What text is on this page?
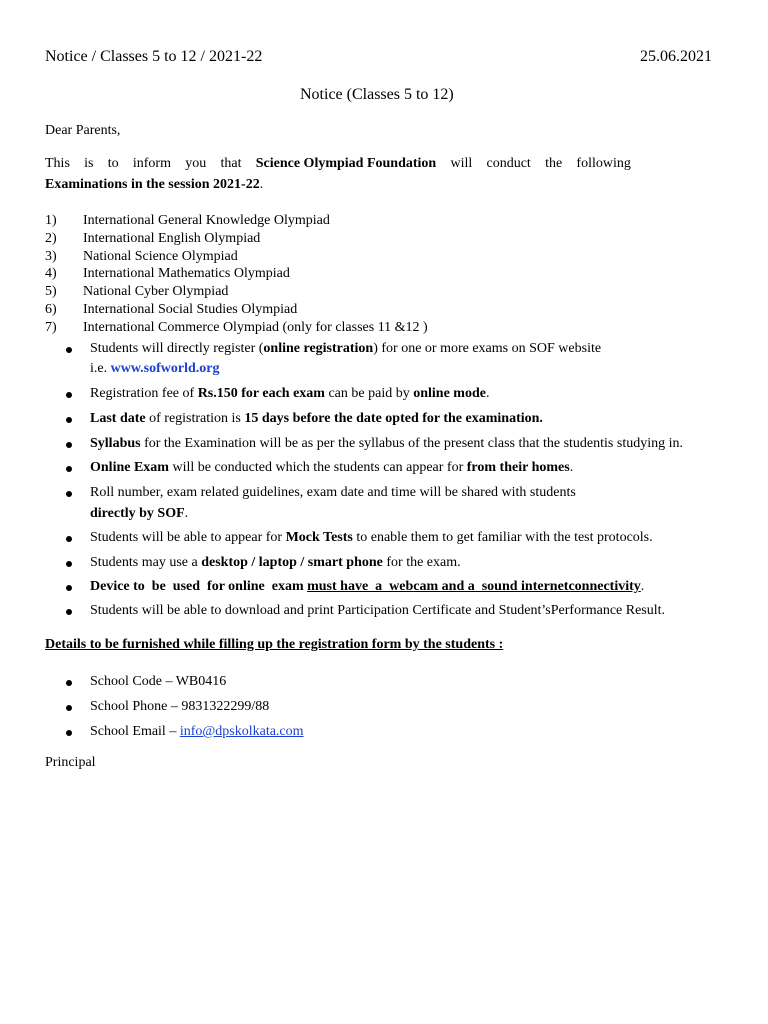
Notice / Classes 5 to 12 / 2021-22	25.06.2021
Notice (Classes 5 to 12)
Dear Parents,
This is to inform you that Science Olympiad Foundation will conduct the following
Examinations in the session 2021-22.
1) International General Knowledge Olympiad
2) International English Olympiad
3) National Science Olympiad
4) International Mathematics Olympiad
5) National Cyber Olympiad
6) International Social Studies Olympiad
7) International Commerce Olympiad (only for classes 11 &12 )
Students will directly register (online registration) for one or more exams on SOF website
i.e. www.sofworld.org
Registration fee of Rs.150 for each exam can be paid by online mode.
Last date of registration is 15 days before the date opted for the examination.
Syllabus for the Examination will be as per the syllabus of the present class that the studentis studying in.
Online Exam will be conducted which the students can appear for from their homes.
Roll number, exam related guidelines, exam date and time will be shared with students
directly by SOF.
Students will be able to appear for Mock Tests to enable them to get familiar with the test protocols.
Students may use a desktop / laptop / smart phone for the exam.
Device to  be  used  for online  exam must have  a  webcam and a  sound internetconnectivity.
Students will be able to download and print Participation Certificate and Student’sPerformance Result.
Details to be furnished while filling up the registration form by the students :
School Code – WB0416
School Phone – 9831322299/88
School Email – info@dpskolkata.com
Principal
